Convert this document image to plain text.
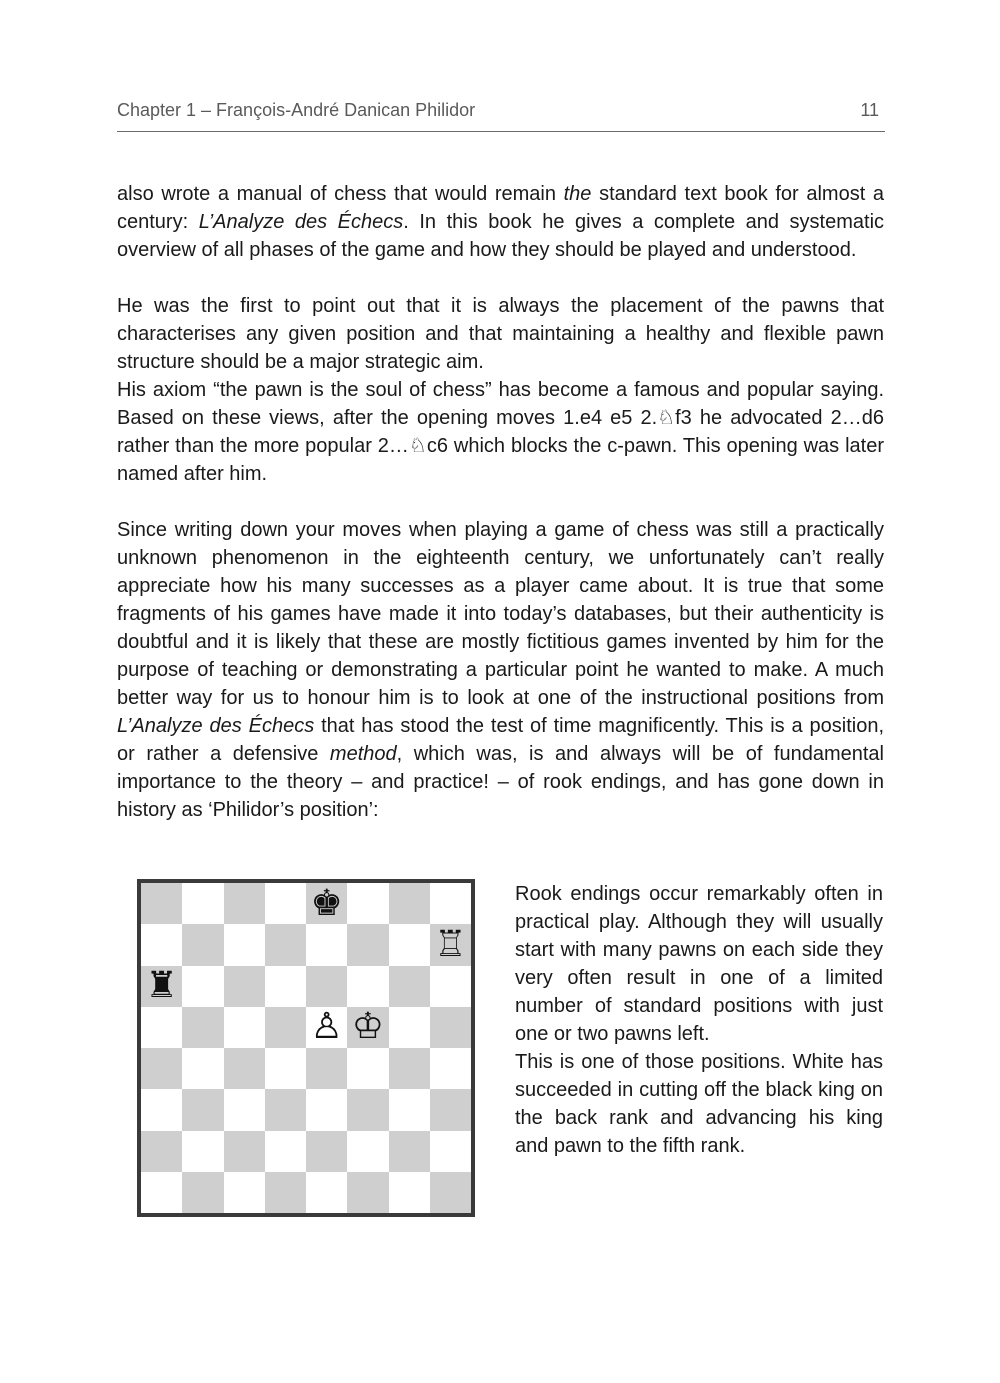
Chapter 1 – François-André Danican Philidor	11

also wrote a manual of chess that would remain the standard text book for almost a century: L’Analyze des Échecs. In this book he gives a complete and systematic overview of all phases of the game and how they should be played and understood.

He was the first to point out that it is always the placement of the pawns that characterises any given position and that maintaining a healthy and flexible pawn structure should be a major strategic aim.

His axiom “the pawn is the soul of chess” has become a famous and popular saying. Based on these views, after the opening moves 1.e4 e5 2.♘f3 he advocated 2…d6 rather than the more popular 2…♘c6 which blocks the c-pawn. This opening was later named after him.

Since writing down your moves when playing a game of chess was still a practically unknown phenomenon in the eighteenth century, we unfortunately can’t really appreciate how his many successes as a player came about. It is true that some fragments of his games have made it into today’s databases, but their authenticity is doubtful and it is likely that these are mostly fictitious games invented by him for the purpose of teaching or demonstrating a particular point he wanted to make. A much better way for us to honour him is to look at one of the instructional positions from L’Analyze des Échecs that has stood the test of time magnificently. This is a position, or rather a defensive method, which was, is and always will be of fundamental importance to the theory – and practice! – of rook endings, and has gone down in history as ‘Philidor’s position’:

♚
♖
♜
♙ ♔

Rook endings occur remarkably often in practical play. Although they will usually start with many pawns on each side they very often result in one of a limited number of standard positions with just one or two pawns left.

This is one of those positions. White has succeeded in cutting off the black king on the back rank and advancing his king and pawn to the fifth rank.
